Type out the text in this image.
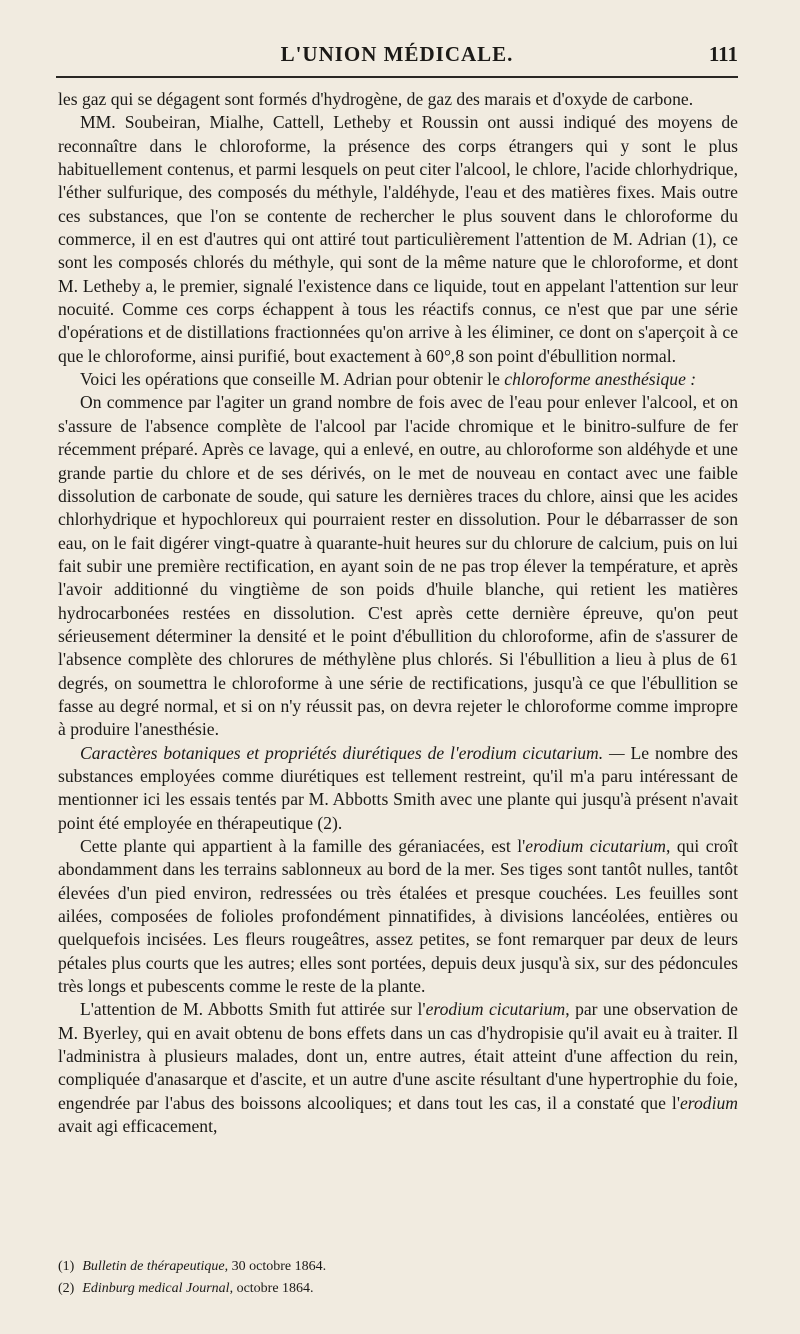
L'UNION MÉDICALE.	111

les gaz qui se dégagent sont formés d'hydrogène, de gaz des marais et d'oxyde de carbone.

MM. Soubeiran, Mialhe, Cattell, Letheby et Roussin ont aussi indiqué des moyens de reconnaître dans le chloroforme, la présence des corps étrangers qui y sont le plus habituellement contenus, et parmi lesquels on peut citer l'alcool, le chlore, l'acide chlorhydrique, l'éther sulfurique, des composés du méthyle, l'aldéhyde, l'eau et des matières fixes. Mais outre ces substances, que l'on se contente de rechercher le plus souvent dans le chloroforme du commerce, il en est d'autres qui ont attiré tout particulièrement l'attention de M. Adrian (1), ce sont les composés chlorés du méthyle, qui sont de la même nature que le chloroforme, et dont M. Letheby a, le premier, signalé l'existence dans ce liquide, tout en appelant l'attention sur leur nocuité. Comme ces corps échappent à tous les réactifs connus, ce n'est que par une série d'opérations et de distillations fractionnées qu'on arrive à les éliminer, ce dont on s'aperçoit à ce que le chloroforme, ainsi purifié, bout exactement à 60°,8 son point d'ébullition normal.

Voici les opérations que conseille M. Adrian pour obtenir le chloroforme anesthésique :

On commence par l'agiter un grand nombre de fois avec de l'eau pour enlever l'alcool, et on s'assure de l'absence complète de l'alcool par l'acide chromique et le binitro-sulfure de fer récemment préparé. Après ce lavage, qui a enlevé, en outre, au chloroforme son aldéhyde et une grande partie du chlore et de ses dérivés, on le met de nouveau en contact avec une faible dissolution de carbonate de soude, qui sature les dernières traces du chlore, ainsi que les acides chlorhydrique et hypochloreux qui pourraient rester en dissolution. Pour le débarrasser de son eau, on le fait digérer vingt-quatre à quarante-huit heures sur du chlorure de calcium, puis on lui fait subir une première rectification, en ayant soin de ne pas trop élever la température, et après l'avoir additionné du vingtième de son poids d'huile blanche, qui retient les matières hydrocarbonées restées en dissolution. C'est après cette dernière épreuve, qu'on peut sérieusement déterminer la densité et le point d'ébullition du chloroforme, afin de s'assurer de l'absence complète des chlorures de méthylène plus chlorés. Si l'ébullition a lieu à plus de 61 degrés, on soumettra le chloroforme à une série de rectifications, jusqu'à ce que l'ébullition se fasse au degré normal, et si on n'y réussit pas, on devra rejeter le chloroforme comme impropre à produire l'anesthésie.

Caractères botaniques et propriétés diurétiques de l'erodium cicutarium. — Le nombre des substances employées comme diurétiques est tellement restreint, qu'il m'a paru intéressant de mentionner ici les essais tentés par M. Abbotts Smith avec une plante qui jusqu'à présent n'avait point été employée en thérapeutique (2).

Cette plante qui appartient à la famille des géraniacées, est l'erodium cicutarium, qui croît abondamment dans les terrains sablonneux au bord de la mer. Ses tiges sont tantôt nulles, tantôt élevées d'un pied environ, redressées ou très étalées et presque couchées. Les feuilles sont ailées, composées de folioles profondément pinnatifides, à divisions lancéolées, entières ou quelquefois incisées. Les fleurs rougeâtres, assez petites, se font remarquer par deux de leurs pétales plus courts que les autres; elles sont portées, depuis deux jusqu'à six, sur des pédoncules très longs et pubescents comme le reste de la plante.

L'attention de M. Abbotts Smith fut attirée sur l'erodium cicutarium, par une observation de M. Byerley, qui en avait obtenu de bons effets dans un cas d'hydropisie qu'il avait eu à traiter. Il l'administra à plusieurs malades, dont un, entre autres, était atteint d'une affection du rein, compliquée d'anasarque et d'ascite, et un autre d'une ascite résultant d'une hypertrophie du foie, engendrée par l'abus des boissons alcooliques; et dans tout les cas, il a constaté que l'erodium avait agi efficacement,

(1) Bulletin de thérapeutique, 30 octobre 1864.
(2) Edinburg medical Journal, octobre 1864.
